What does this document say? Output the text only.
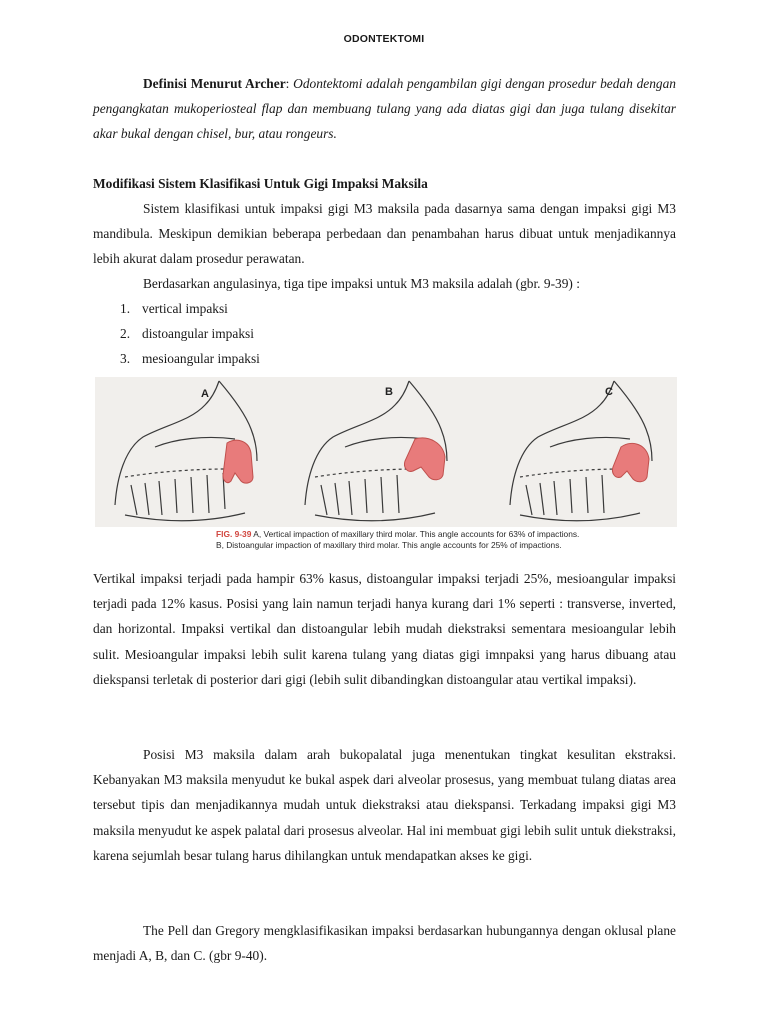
ODONTEKTOMI

Definisi Menurut Archer: Odontektomi adalah pengambilan gigi dengan prosedur bedah dengan pengangkatan mukoperiosteal flap dan membuang tulang yang ada diatas gigi dan juga tulang disekitar akar bukal dengan chisel, bur, atau rongeurs.

Modifikasi Sistem Klasifikasi Untuk Gigi Impaksi Maksila

Sistem klasifikasi untuk impaksi gigi M3 maksila pada dasarnya sama dengan impaksi gigi M3 mandibula. Meskipun demikian beberapa perbedaan dan penambahan harus dibuat untuk menjadikannya lebih akurat dalam prosedur perawatan.

Berdasarkan angulasinya, tiga tipe impaksi untuk M3 maksila adalah (gbr. 9-39) :

1. vertical impaksi
2. distoangular impaksi
3. mesioangular impaksi
A	B	C
FIG. 9-39 A, Vertical impaction of maxillary third molar. This angle accounts for 63% of impactions.
B, Distoangular impaction of maxillary third molar. This angle accounts for 25% of impactions.

Vertikal impaksi terjadi pada hampir 63% kasus, distoangular impaksi terjadi 25%, mesioangular impaksi terjadi pada 12% kasus. Posisi yang lain namun terjadi hanya kurang dari 1% seperti : transverse, inverted, dan horizontal. Impaksi vertikal dan distoangular lebih mudah diekstraksi sementara mesioangular lebih sulit. Mesioangular impaksi lebih sulit karena tulang yang diatas gigi imnpaksi yang harus dibuang atau diekspansi terletak di posterior dari gigi (lebih sulit dibandingkan distoangular atau vertikal impaksi).

Posisi M3 maksila dalam arah bukopalatal juga menentukan tingkat kesulitan ekstraksi. Kebanyakan M3 maksila menyudut ke bukal aspek dari alveolar prosesus, yang membuat tulang diatas area tersebut tipis dan menjadikannya mudah untuk diekstraksi atau diekspansi. Terkadang impaksi gigi M3 maksila menyudut ke aspek palatal dari prosesus alveolar. Hal ini membuat gigi lebih sulit untuk diekstraksi, karena sejumlah besar tulang harus dihilangkan untuk mendapatkan akses ke gigi.

The Pell dan Gregory mengklasifikasikan impaksi berdasarkan hubungannya dengan oklusal plane menjadi A, B, dan C. (gbr 9-40).
